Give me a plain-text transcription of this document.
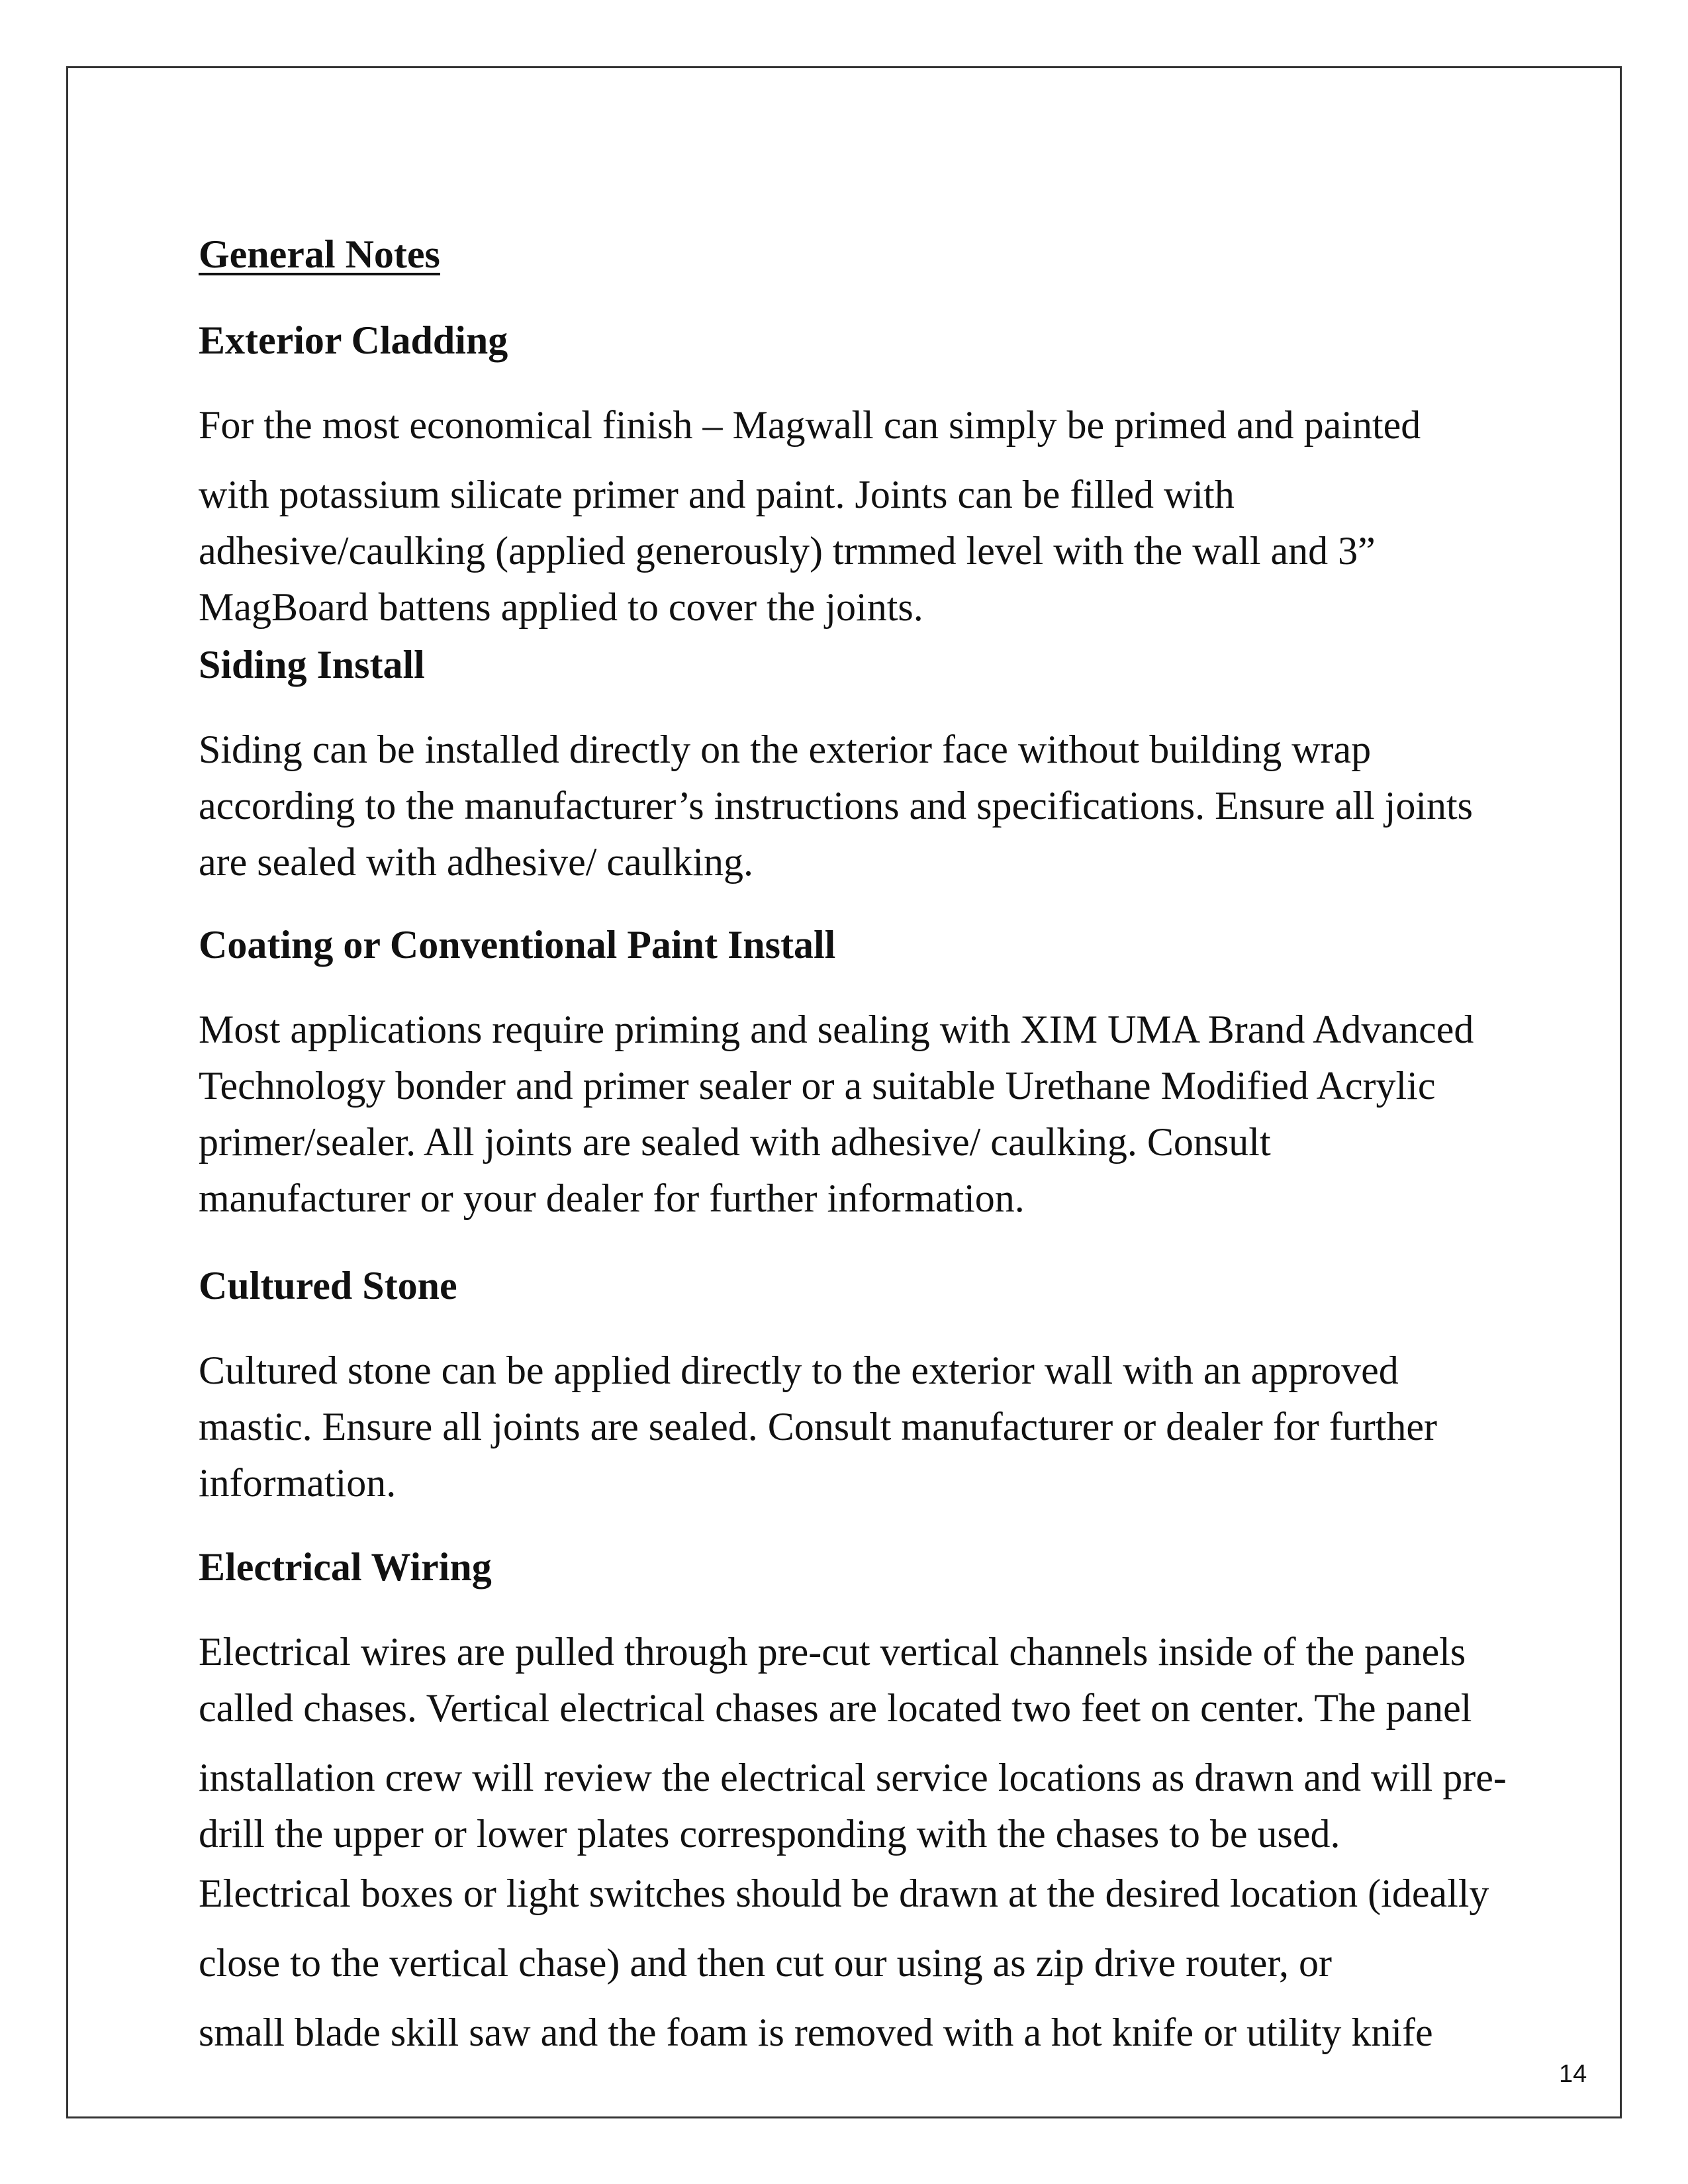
General Notes
Exterior Cladding
For the most economical finish – Magwall can simply be primed and painted
with potassium silicate primer and paint. Joints can be filled with
adhesive/caulking (applied generously) trmmed level with the wall and 3”
MagBoard battens applied to cover the joints.
Siding Install
Siding can be installed directly on the exterior face without building wrap
according to the manufacturer’s instructions and specifications. Ensure all joints
are sealed with adhesive/ caulking.
Coating or Conventional Paint Install
Most applications require priming and sealing with XIM UMA Brand Advanced
Technology bonder and primer sealer or a suitable Urethane Modified Acrylic
primer/sealer. All joints are sealed with adhesive/ caulking. Consult
manufacturer or your dealer for further information.
Cultured Stone
Cultured stone can be applied directly to the exterior wall with an approved
mastic. Ensure all joints are sealed. Consult manufacturer or dealer for further
information.
Electrical Wiring
Electrical wires are pulled through pre-cut vertical channels inside of the panels
called chases. Vertical electrical chases are located two feet on center. The panel
installation crew will review the electrical service locations as drawn and will pre-
drill the upper or lower plates corresponding with the chases to be used.
Electrical boxes or light switches should be drawn at the desired location (ideally
close to the vertical chase) and then cut our using as zip drive router, or
small blade skill saw and the foam is removed with a hot knife or utility knife
14
